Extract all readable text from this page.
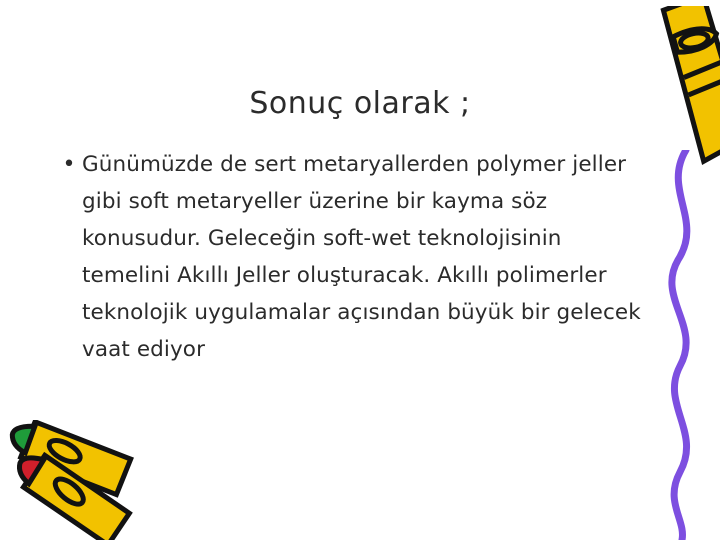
Sonuç olarak ;
• Günümüzde de sert metaryallerden polymer jeller gibi soft metaryeller üzerine bir kayma söz konusudur. Geleceğin soft-wet teknolojisinin temelini Akıllı Jeller oluşturacak. Akıllı polimerler teknolojik uygulamalar açısından büyük bir gelecek vaat ediyor
